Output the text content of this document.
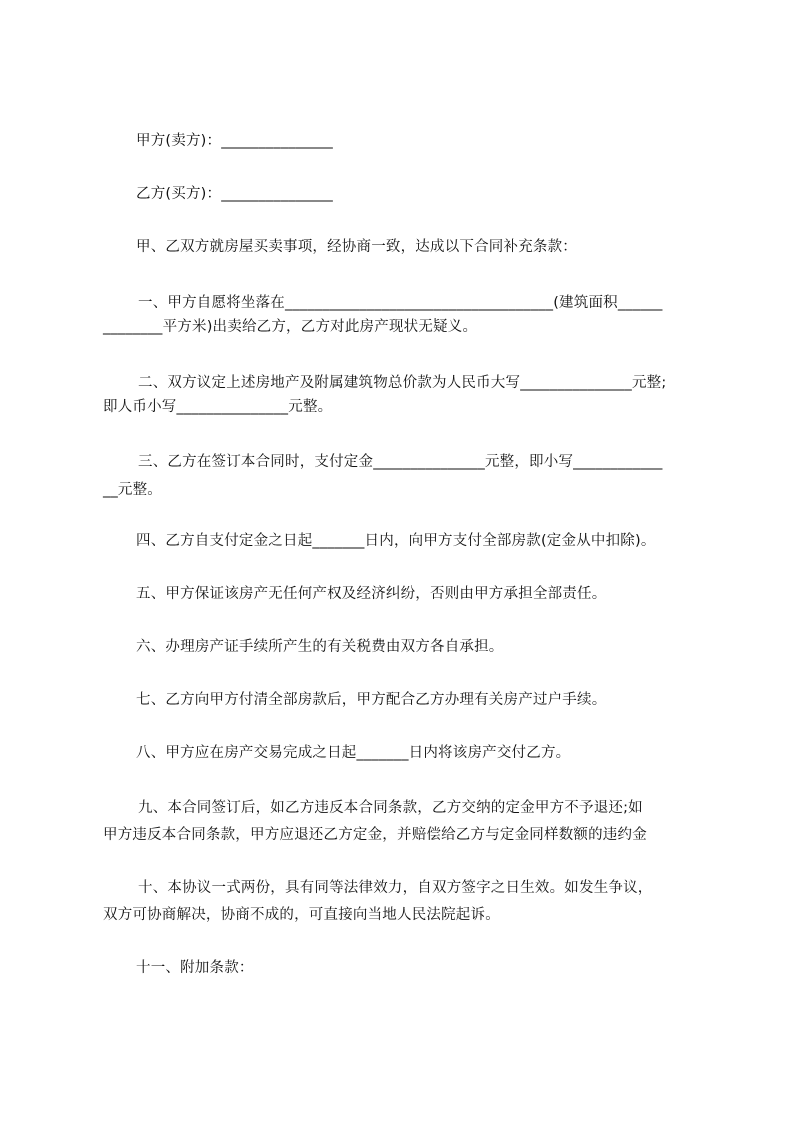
甲方(卖方)：_______________
乙方(买方)：_______________
甲、乙双方就房屋买卖事项，经协商一致，达成以下合同补充条款：
一、甲方自愿将坐落在____________________________________(建筑面积______
________平方米)出卖给乙方，乙方对此房产现状无疑义。
二、双方议定上述房地产及附属建筑物总价款为人民币大写_______________元整;
即人币小写_______________元整。
三、乙方在签订本合同时，支付定金_______________元整，即小写____________
__元整。
四、乙方自支付定金之日起_______日内，向甲方支付全部房款(定金从中扣除)。
五、甲方保证该房产无任何产权及经济纠纷，否则由甲方承担全部责任。
六、办理房产证手续所产生的有关税费由双方各自承担。
七、乙方向甲方付清全部房款后，甲方配合乙方办理有关房产过户手续。
八、甲方应在房产交易完成之日起_______日内将该房产交付乙方。
九、本合同签订后，如乙方违反本合同条款，乙方交纳的定金甲方不予退还;如
甲方违反本合同条款，甲方应退还乙方定金，并赔偿给乙方与定金同样数额的违约金
十、本协议一式两份，具有同等法律效力，自双方签字之日生效。如发生争议，
双方可协商解决，协商不成的，可直接向当地人民法院起诉。
十一、附加条款：
